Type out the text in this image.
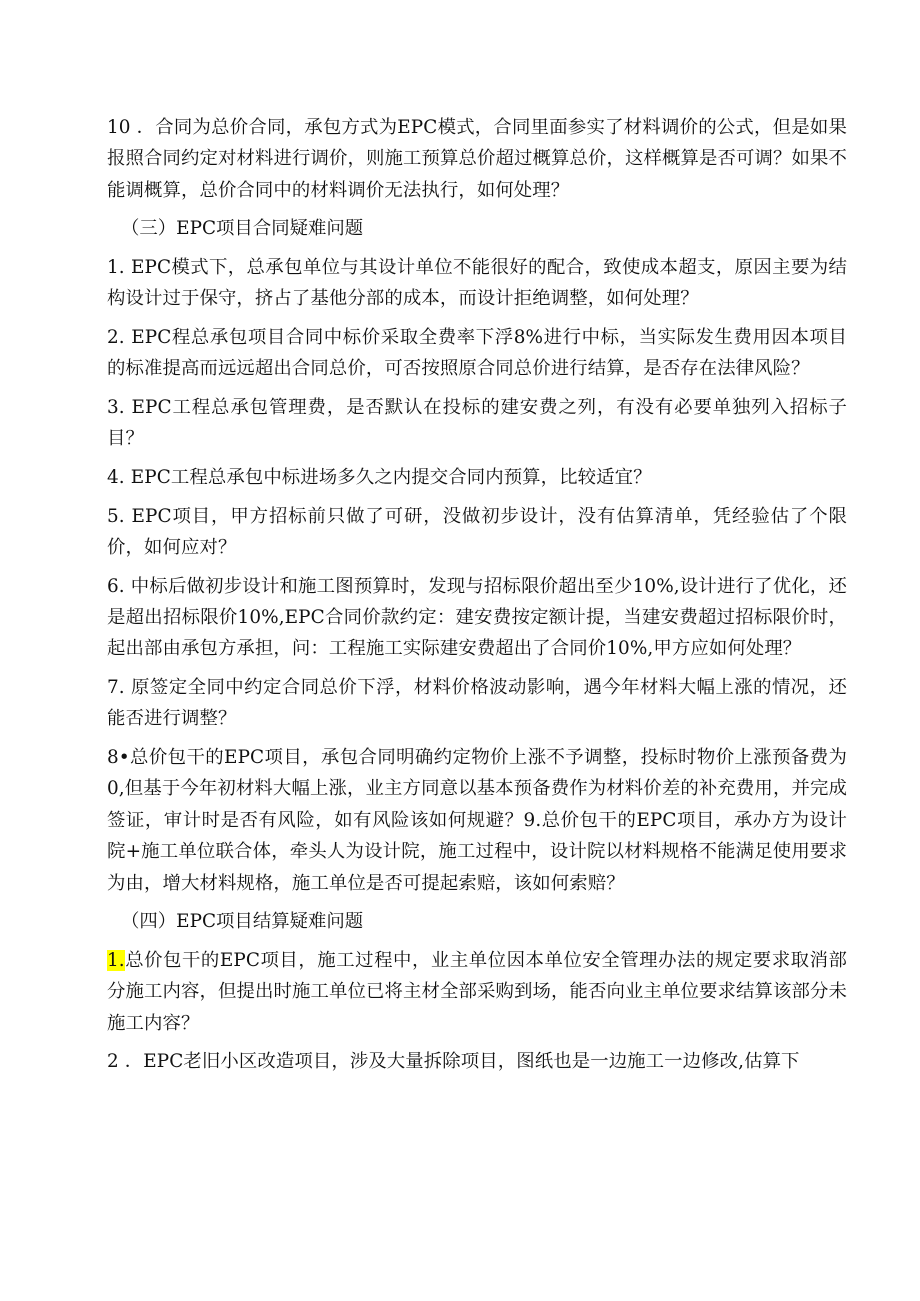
10 ．合同为总价合同，承包方式为EPC模式，合同里面参实了材料调价的公式，但是如果报照合同约定对材料进行调价，则施工预算总价超过概算总价，这样概算是否可调？如果不能调概算，总价合同中的材料调价无法执行，如何处理？

（三）EPC项目合同疑难问题

1. EPC模式下，总承包单位与其设计单位不能很好的配合，致使成本超支，原因主要为结构设计过于保守，挤占了基他分部的成本，而设计拒绝调整，如何处理？

2. EPC程总承包项目合同中标价采取全费率下浮8%进行中标，当实际发生费用因本项目的标准提高而远远超出合同总价，可否按照原合同总价进行结算，是否存在法律风险？

3. EPC工程总承包管理费，是否默认在投标的建安费之列，有没有必要单独列入招标子目？

4. EPC工程总承包中标进场多久之内提交合同内预算，比较适宜？

5. EPC项目，甲方招标前只做了可研，没做初步设计，没有估算清单，凭经验估了个限价，如何应对？

6. 中标后做初步设计和施工图预算时，发现与招标限价超出至少10%,设计进行了优化，还是超出招标限价10%,EPC合同价款约定：建安费按定额计提，当建安费超过招标限价时，起出部由承包方承担，问：工程施工实际建安费超出了合同价10%,甲方应如何处理？

7. 原签定全同中约定合同总价下浮，材料价格波动影响，遇今年材料大幅上涨的情况，还能否进行调整？

8•总价包干的EPC项目，承包合同明确约定物价上涨不予调整，投标时物价上涨预备费为0,但基于今年初材料大幅上涨，业主方同意以基本预备费作为材料价差的补充费用，并完成签证，审计时是否有风险，如有风险该如何规避？9.总价包干的EPC项目，承办方为设计院+施工单位联合体，牵头人为设计院，施工过程中，设计院以材料规格不能满足使用要求为由，增大材料规格，施工单位是否可提起索赔，该如何索赔？

（四）EPC项目结算疑难问题

1.总价包干的EPC项目，施工过程中，业主单位因本单位安全管理办法的规定要求取消部分施工内容，但提出时施工单位已将主材全部采购到场，能否向业主单位要求结算该部分未施工内容？

2 ．EPC老旧小区改造项目，涉及大量拆除项目，图纸也是一边施工一边修改,估算下
